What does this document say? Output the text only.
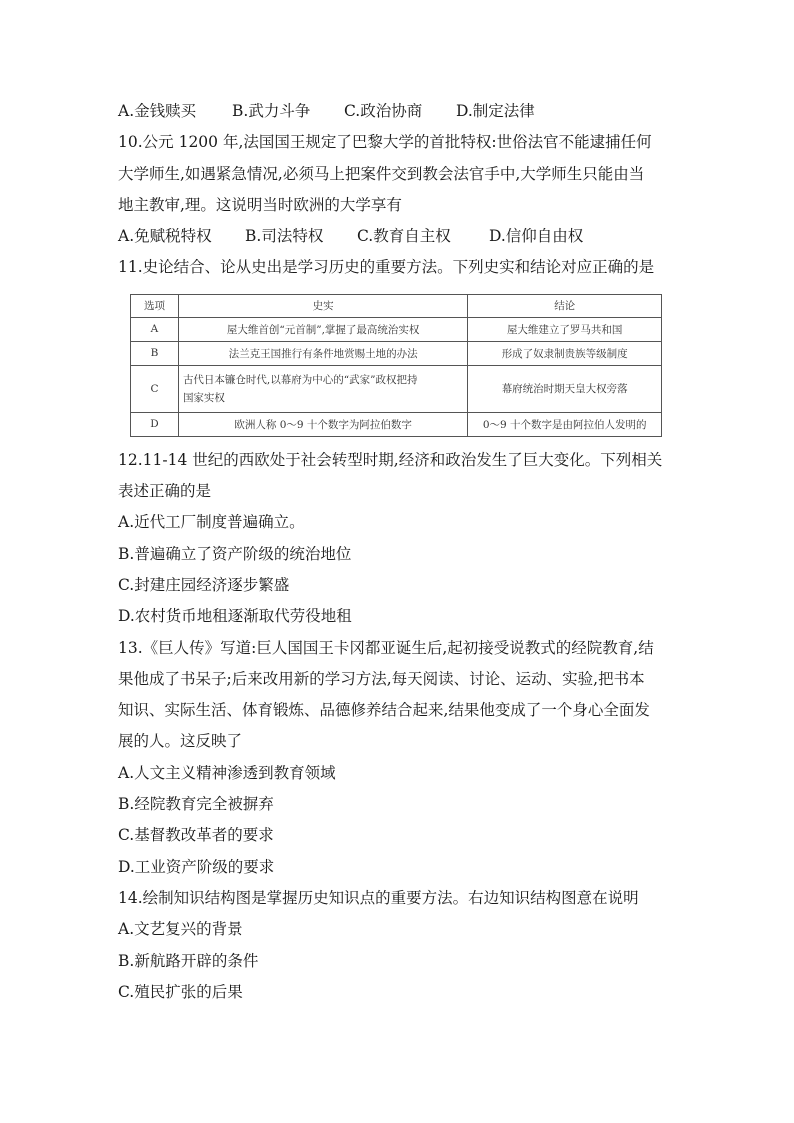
A.金钱赎买	B.武力斗争	C.政治协商	D.制定法律
10.公元 1200 年,法国国王规定了巴黎大学的首批特权:世俗法官不能逮捕任何
大学师生,如遇紧急情况,必须马上把案件交到教会法官手中,大学师生只能由当
地主教审,理。这说明当时欧洲的大学享有
A.免赋税特权	B.司法特权	C.教育自主权	D.信仰自由权
11.史论结合、论从史出是学习历史的重要方法。下列史实和结论对应正确的是
选项	史实	结论
A	屋大维首创“元首制”,掌握了最高统治实权	屋大维建立了罗马共和国
B	法兰克王国推行有条件地赏赐土地的办法	形成了奴隶制贵族等级制度
C	古代日本镰仓时代,以幕府为中心的“武家”政权把持
国家实权	幕府统治时期天皇大权旁落
D	欧洲人称 0～9 十个数字为阿拉伯数字	0～9 十个数字是由阿拉伯人发明的
12.11-14 世纪的西欧处于社会转型时期,经济和政治发生了巨大变化。下列相关
表述正确的是
A.近代工厂制度普遍确立。
B.普遍确立了资产阶级的统治地位
C.封建庄园经济逐步繁盛
D.农村货币地租逐渐取代劳役地租
13.《巨人传》写道:巨人国国王卡冈都亚诞生后,起初接受说教式的经院教育,结
果他成了书呆子;后来改用新的学习方法,每天阅读、讨论、运动、实验,把书本
知识、实际生活、体育锻炼、品德修养结合起来,结果他变成了一个身心全面发
展的人。这反映了
A.人文主义精神渗透到教育领域
B.经院教育完全被摒弃
C.基督教改革者的要求
D.工业资产阶级的要求
14.绘制知识结构图是掌握历史知识点的重要方法。右边知识结构图意在说明
A.文艺复兴的背景
B.新航路开辟的条件
C.殖民扩张的后果
